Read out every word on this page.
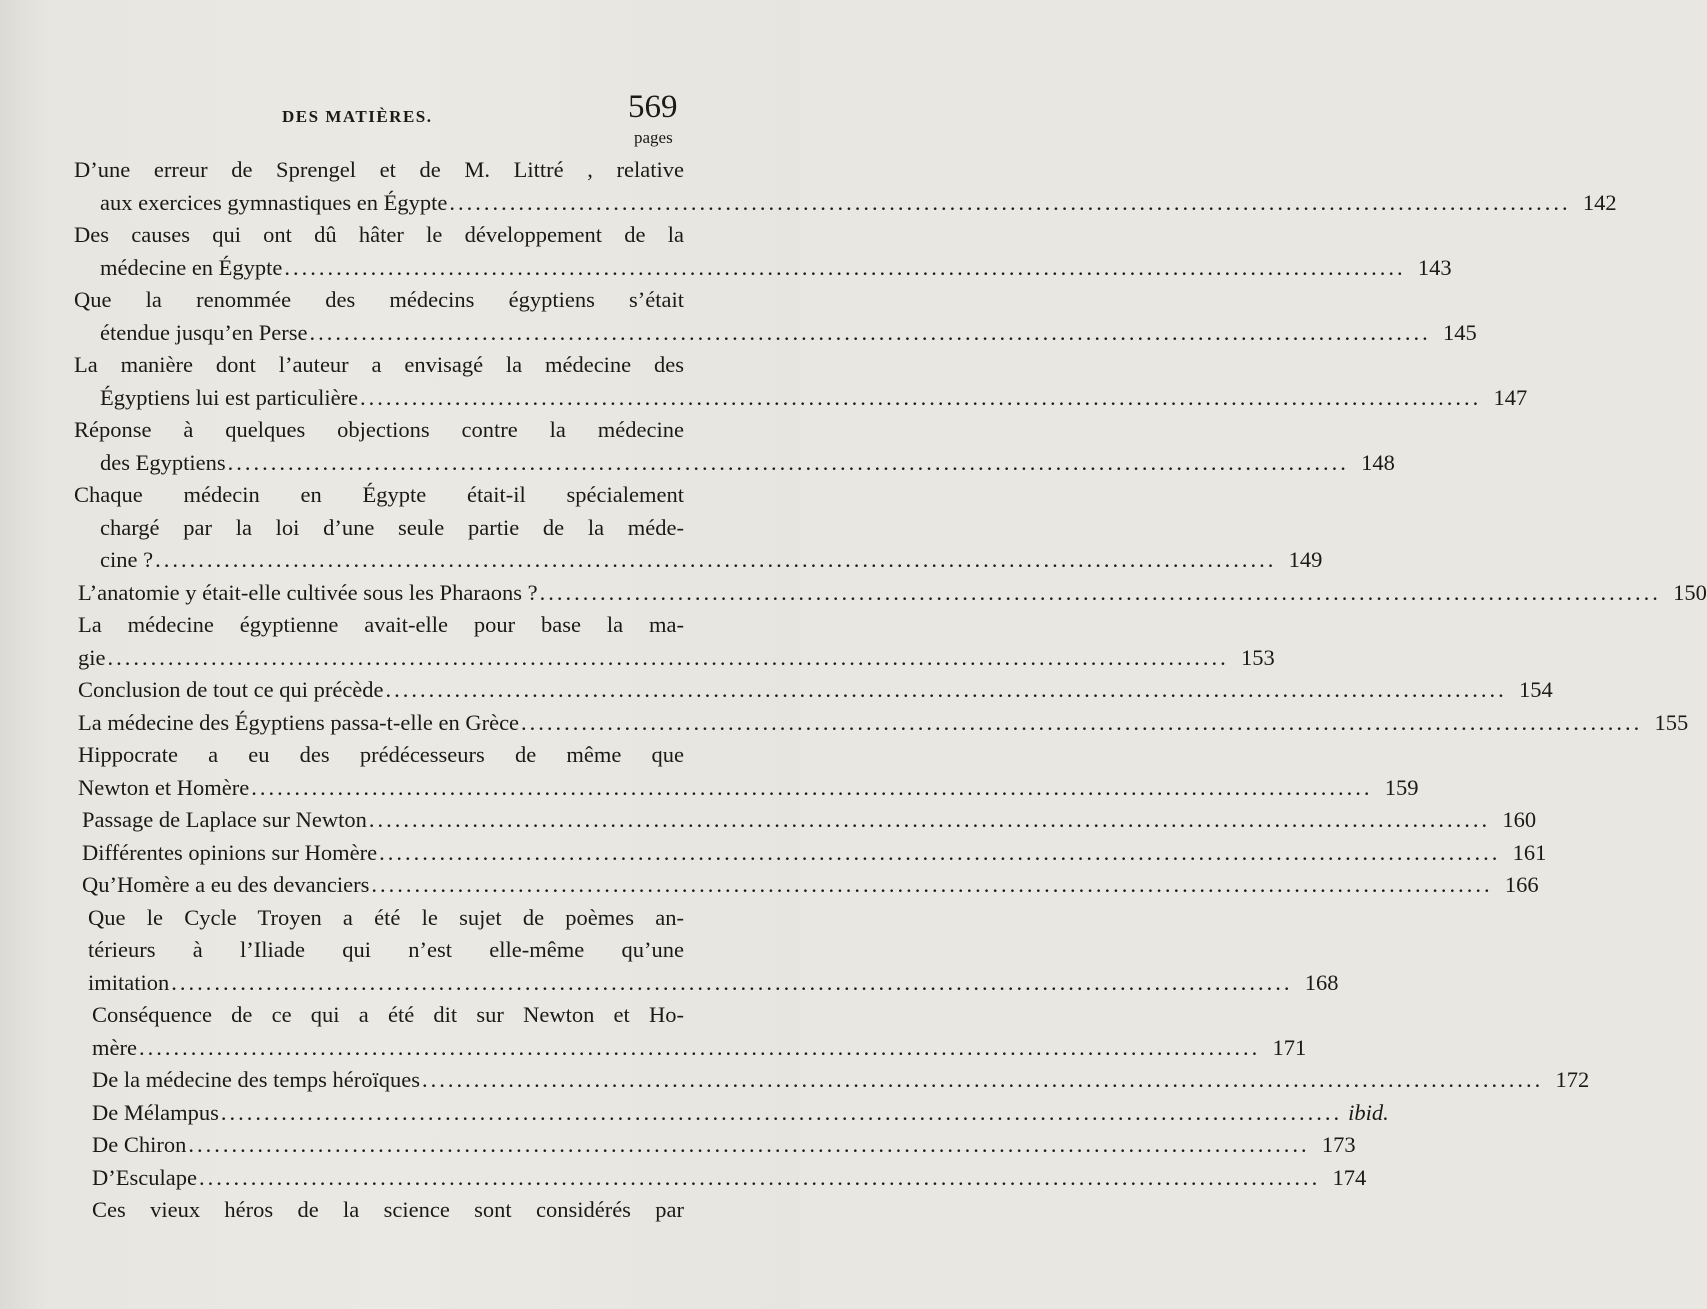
DES MATIÈRES.	569
pages
D’une erreur de Sprengel et de M. Littré , relative
aux exercices gymnastiques en Égypte .....	142
Des causes qui ont dû hâter le développement de la
médecine en Égypte .....	143
Que la renommée des médecins égyptiens s’était
étendue jusqu’en Perse .....	145
La manière dont l’auteur a envisagé la médecine des
Égyptiens lui est particulière .....	147
Réponse à quelques objections contre la médecine
des Egyptiens .....	148
Chaque médecin en Égypte était-il spécialement
chargé par la loi d’une seule partie de la méde-
cine ? .....	149
L’anatomie y était-elle cultivée sous les Pharaons ? .....	150
La médecine égyptienne avait-elle pour base la ma-
gie .....	153
Conclusion de tout ce qui précède .....	154
La médecine des Égyptiens passa-t-elle en Grèce .....	155
Hippocrate a eu des prédécesseurs de même que
Newton et Homère .....	159
Passage de Laplace sur Newton .....	160
Différentes opinions sur Homère .....	161
Qu’Homère a eu des devanciers .....	166
Que le Cycle Troyen a été le sujet de poèmes an-
térieurs à l’Iliade qui n’est elle-même qu’une
imitation .....	168
Conséquence de ce qui a été dit sur Newton et Ho-
mère .....	171
De la médecine des temps héroïques .....	172
De Mélampus .....	ibid.
De Chiron .....	173
D’Esculape .....	174
Ces vieux héros de la science sont considérés par
